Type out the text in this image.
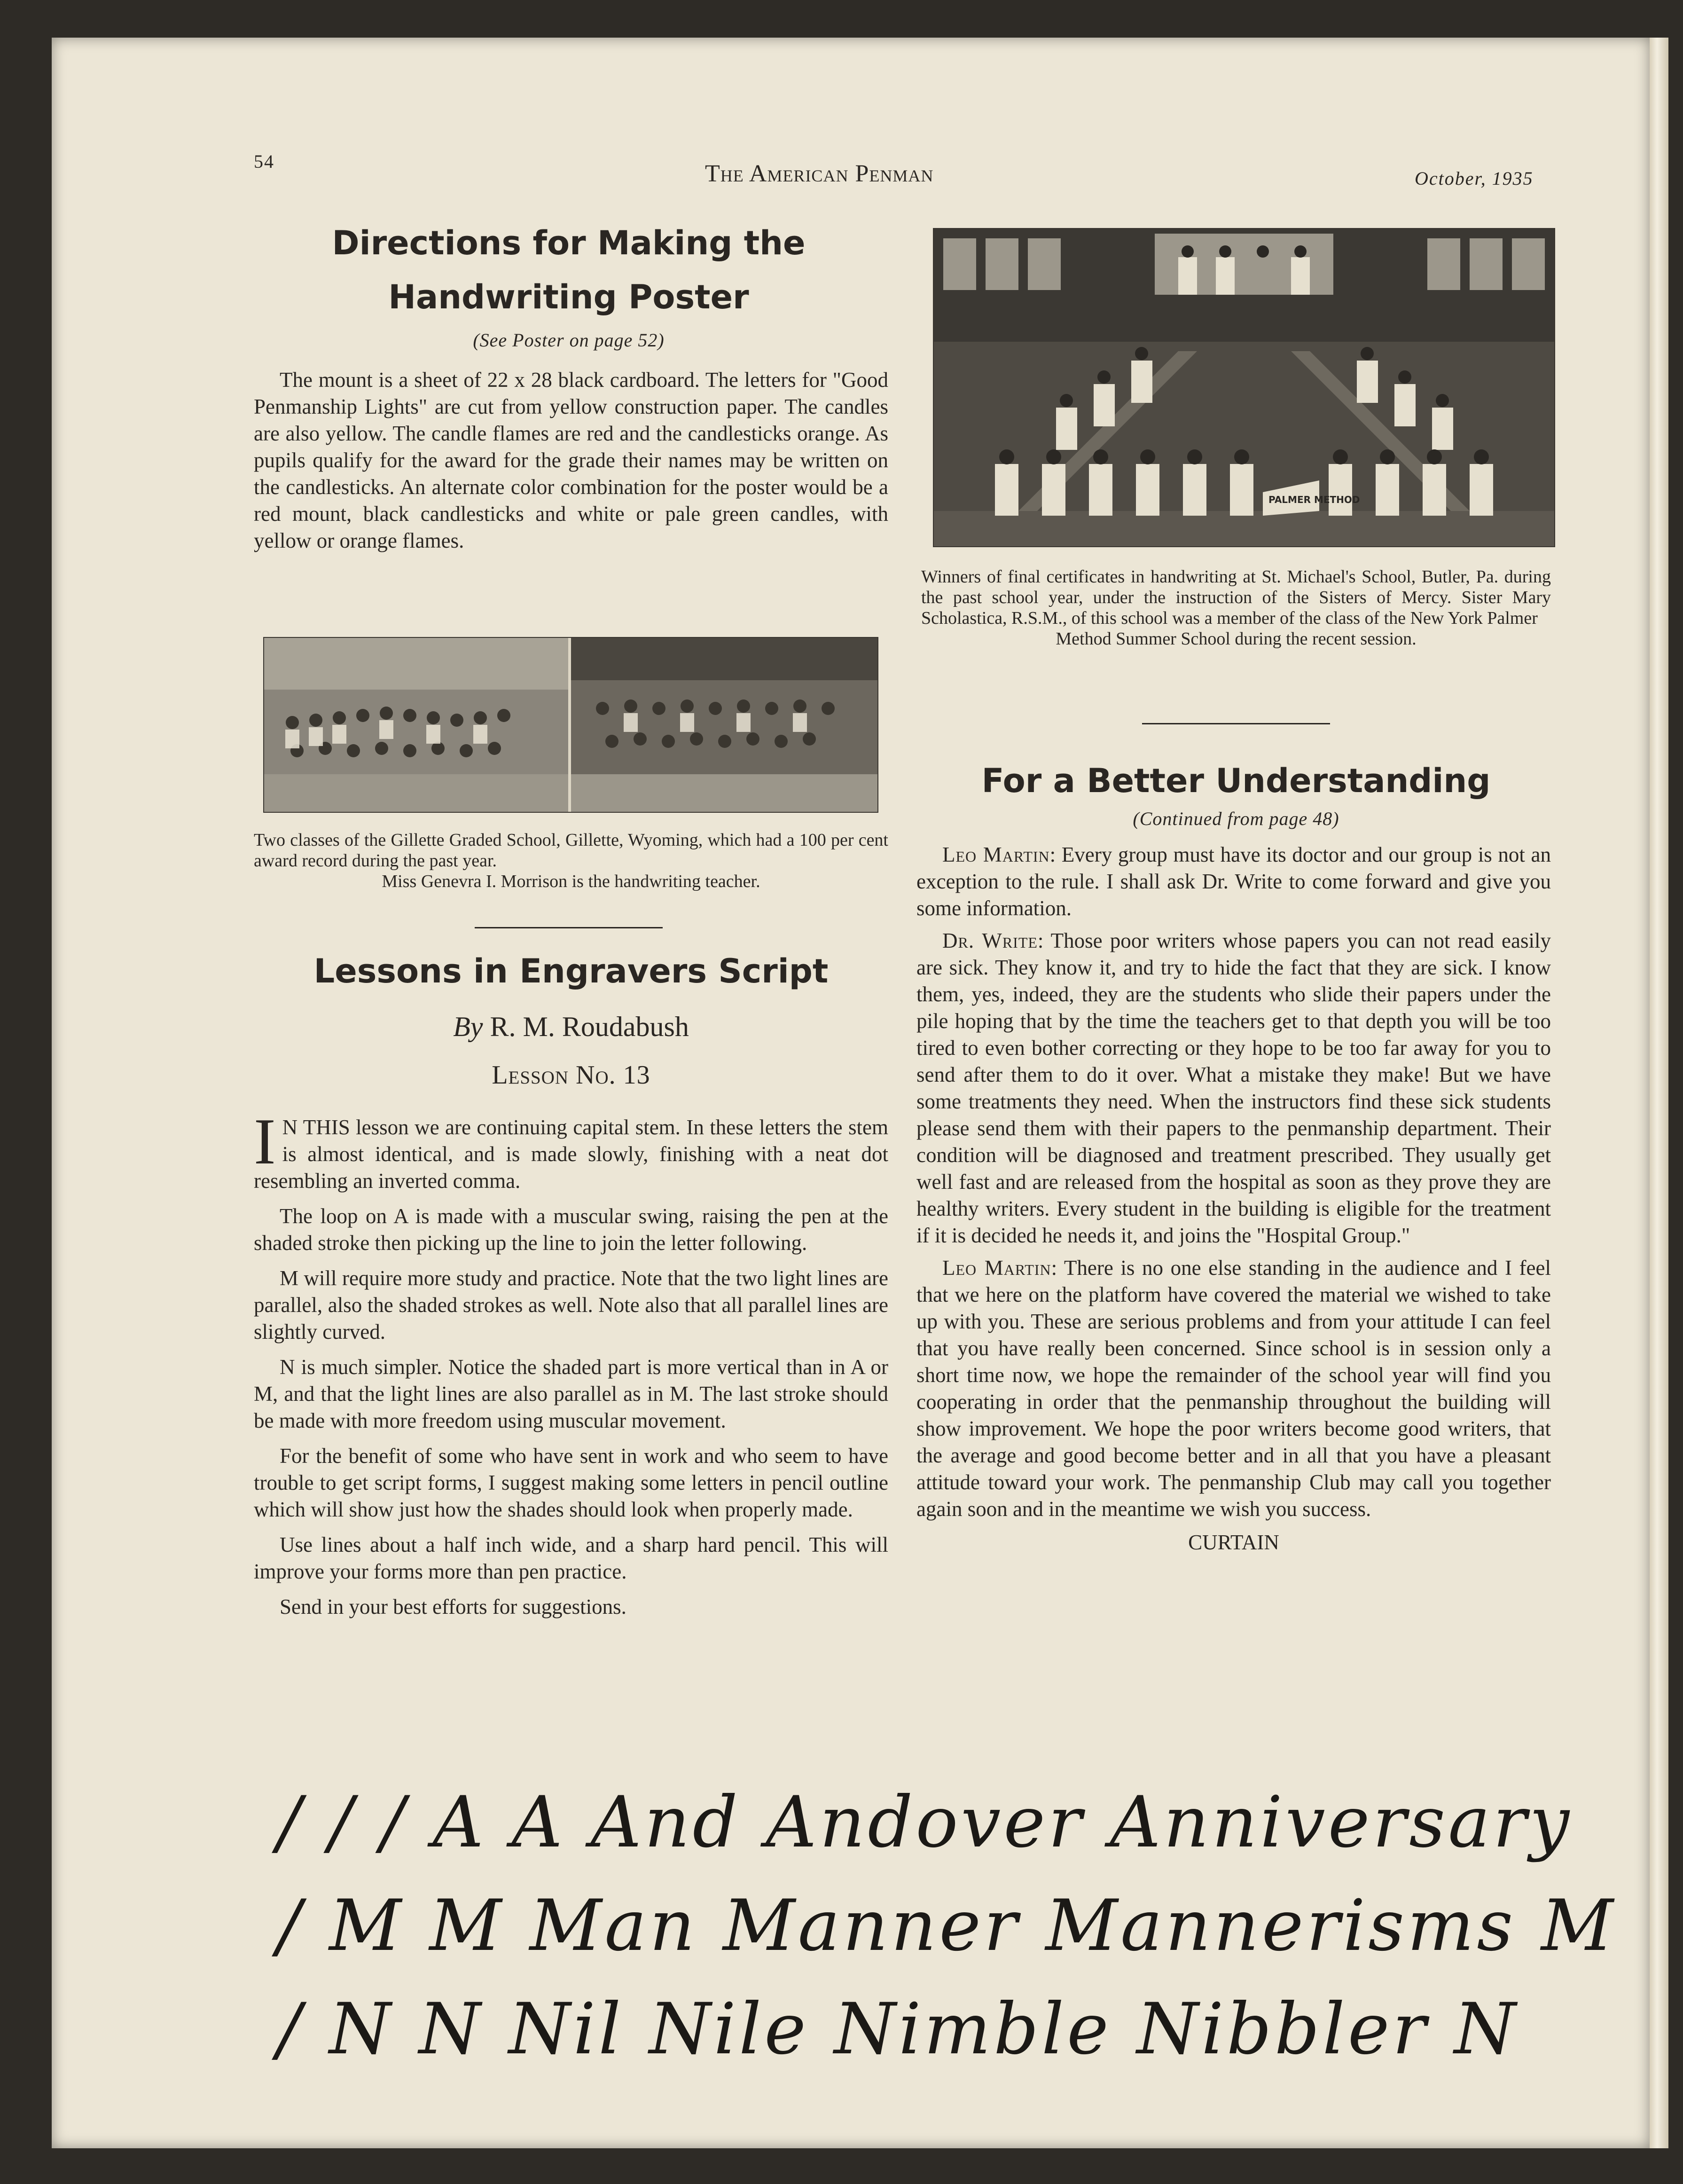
54	The American Penman	October, 1935
Directions for Making the
Handwriting Poster
(See Poster on page 52)

The mount is a sheet of 22 x 28 black cardboard. The letters for "Good Penmanship Lights" are cut from yellow construction paper. The candles are also yellow. The candle flames are red and the candlesticks orange. As pupils qualify for the award for the grade their names may be written on the candlesticks. An alternate color combination for the poster would be a red mount, black candlesticks and white or pale green candles, with yellow or orange flames.

Two classes of the Gillette Graded School, Gillette, Wyoming, which had a 100 per cent award record during the past year.
Miss Genevra I. Morrison is the handwriting teacher.
Lessons in Engravers Script
By R. M. Roudabush
Lesson No. 13
I N THIS lesson we are continuing capital stem. In these letters the stem is almost identical, and is made slowly, finishing with a neat dot resembling an inverted comma.

The loop on A is made with a muscular swing, raising the pen at the shaded stroke then picking up the line to join the letter following.

M will require more study and practice. Note that the two light lines are parallel, also the shaded strokes as well. Note also that all parallel lines are slightly curved.

N is much simpler. Notice the shaded part is more vertical than in A or M, and that the light lines are also parallel as in M. The last stroke should be made with more freedom using muscular movement.

For the benefit of some who have sent in work and who seem to have trouble to get script forms, I suggest making some letters in pencil outline which will show just how the shades should look when properly made.

Use lines about a half inch wide, and a sharp hard pencil. This will improve your forms more than pen practice.

Send in your best efforts for suggestions.

PALMER METHOD
Winners of final certificates in handwriting at St. Michael's School, Butler, Pa. during the past school year, under the instruction of the Sisters of Mercy. Sister Mary Scholastica, R.S.M., of this school was a member of the class of the New York Palmer
Method Summer School during the recent session.
For a Better Understanding
(Continued from page 48)

Leo Martin: Every group must have its doctor and our group is not an exception to the rule. I shall ask Dr. Write to come forward and give you some information.

Dr. Write: Those poor writers whose papers you can not read easily are sick. They know it, and try to hide the fact that they are sick. I know them, yes, indeed, they are the students who slide their papers under the pile hoping that by the time the teachers get to that depth you will be too tired to even bother correcting or they hope to be too far away for you to send after them to do it over. What a mistake they make! But we have some treatments they need. When the instructors find these sick students please send them with their papers to the penmanship department. Their condition will be diagnosed and treatment prescribed. They usually get well fast and are released from the hospital as soon as they prove they are healthy writers. Every student in the building is eligible for the treatment if it is decided he needs it, and joins the "Hospital Group."

Leo Martin: There is no one else standing in the audience and I feel that we here on the platform have covered the material we wished to take up with you. These are serious problems and from your attitude I can feel that you have really been concerned. Since school is in session only a short time now, we hope the remainder of the school year will find you cooperating in order that the penmanship throughout the building will show improvement. We hope the poor writers become good writers, that the average and good become better and in all that you have a pleasant attitude toward your work. The penmanship Club may call you together again soon and in the meantime we wish you success.

CURTAIN
/ / / A A And Andover Anniversary
/ M M Man Manner Mannerisms M
/ N N Nil Nile Nimble Nibbler N
